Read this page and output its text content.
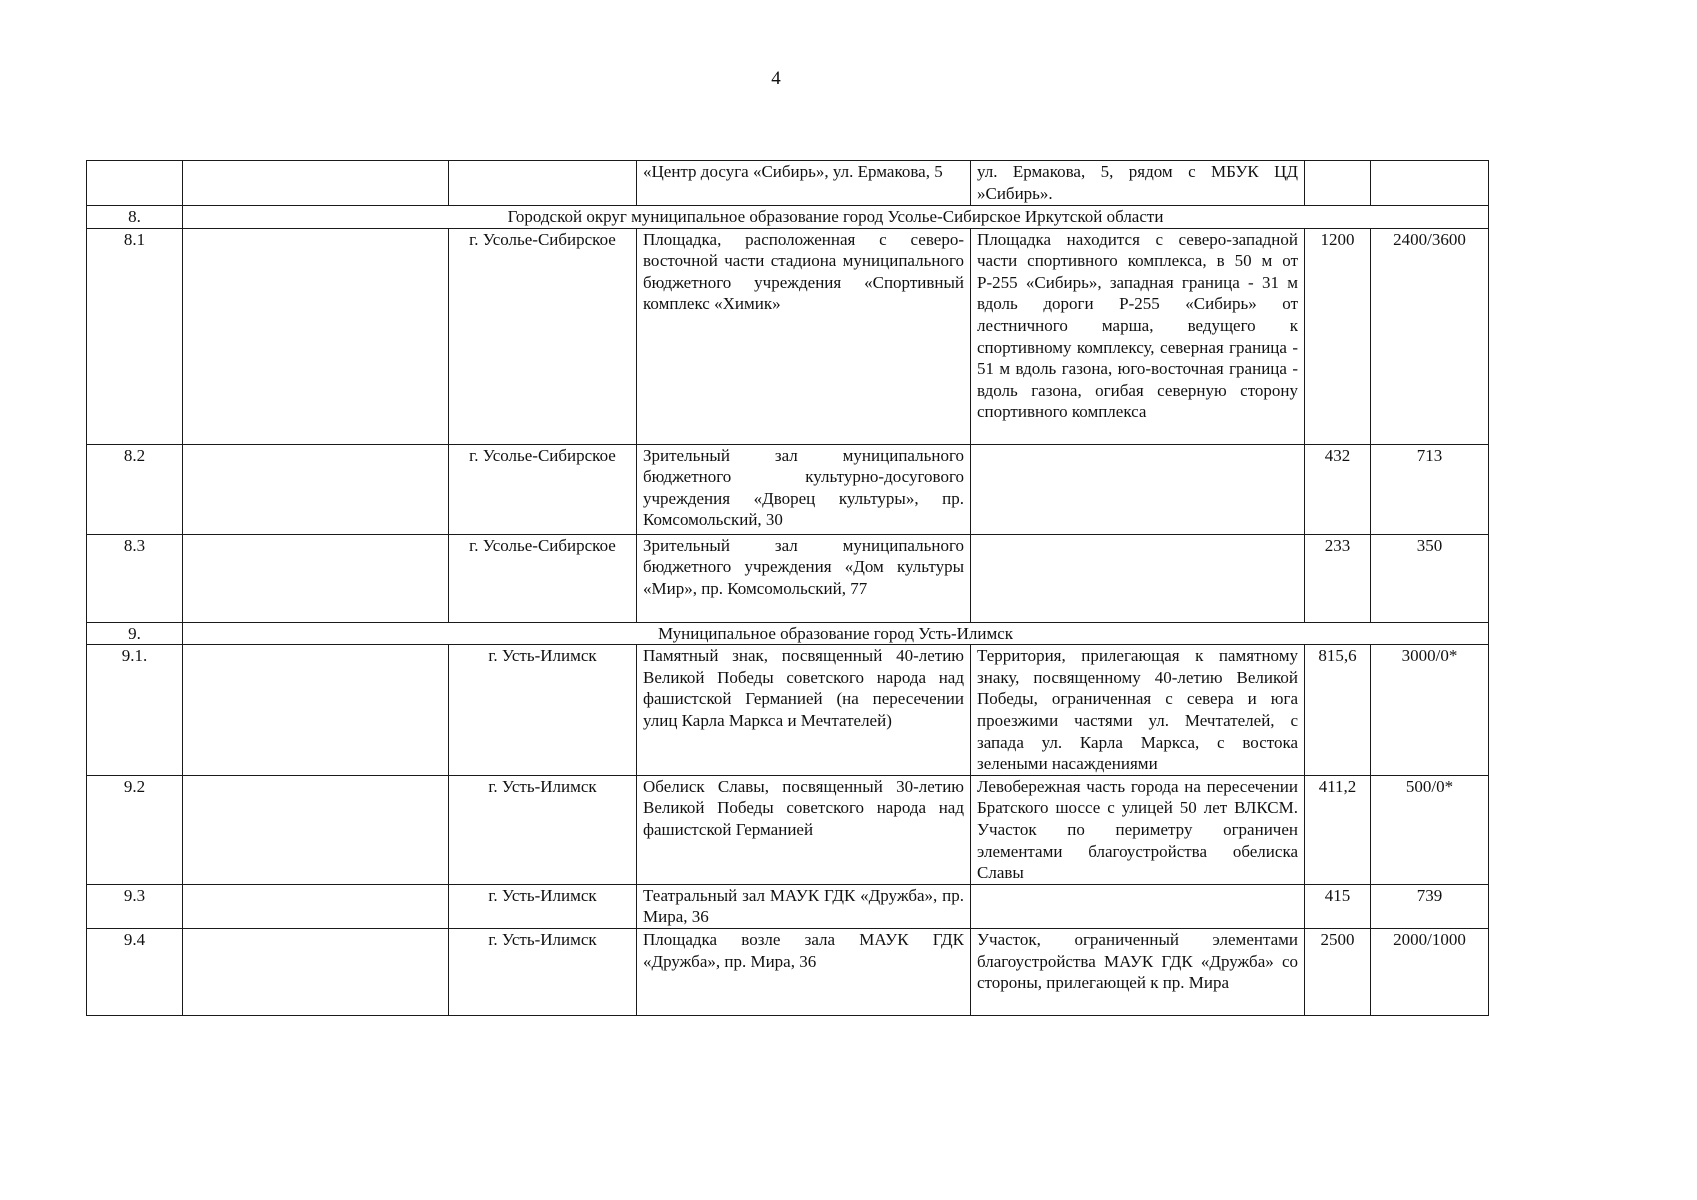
4
			«Центр досуга «Сибирь», ул. Ермакова, 5	ул. Ермакова, 5, рядом с МБУК ЦД »Сибирь».		
8.	Городской округ муниципальное образование город Усолье-Сибирское Иркутской области					
8.1		г. Усолье-Сибирское	Площадка, расположенная с северо-восточной части стадиона муниципального бюджетного учреждения «Спортивный комплекс «Химик»	Площадка находится с северо-западной части спортивного комплекса, в 50 м от Р-255 «Сибирь», западная граница - 31 м вдоль дороги Р-255 «Сибирь» от лестничного марша, ведущего к спортивному комплексу, северная граница - 51 м вдоль газона, юго-восточная граница - вдоль газона, огибая северную сторону спортивного комплекса	1200	2400/3600
8.2		г. Усолье-Сибирское	Зрительный зал муниципального бюджетного культурно-досугового учреждения «Дворец культуры», пр. Комсомольский, 30		432	713
8.3		г. Усолье-Сибирское	Зрительный зал муниципального бюджетного учреждения «Дом культуры «Мир», пр. Комсомольский, 77		233	350
9.	Муниципальное образование город Усть-Илимск					
9.1.		г. Усть-Илимск	Памятный знак, посвященный 40-летию Великой Победы советского народа над фашистской Германией (на пересечении улиц Карла Маркса и Мечтателей)	Территория, прилегающая к памятному знаку, посвященному 40-летию Великой Победы, ограниченная с севера и юга проезжими частями ул. Мечтателей, с запада ул. Карла Маркса, с востока зелеными насаждениями	815,6	3000/0*
9.2		г. Усть-Илимск	Обелиск Славы, посвященный 30-летию Великой Победы советского народа над фашистской Германией	Левобережная часть города на пересечении Братского шоссе с улицей 50 лет ВЛКСМ. Участок по периметру ограничен элементами благоустройства обелиска Славы	411,2	500/0*
9.3		г. Усть-Илимск	Театральный зал МАУК ГДК «Дружба», пр. Мира, 36		415	739
9.4		г. Усть-Илимск	Площадка возле зала МАУК ГДК «Дружба», пр. Мира, 36	Участок, ограниченный элементами благоустройства МАУК ГДК «Дружба» со стороны, прилегающей к пр. Мира	2500	2000/1000
